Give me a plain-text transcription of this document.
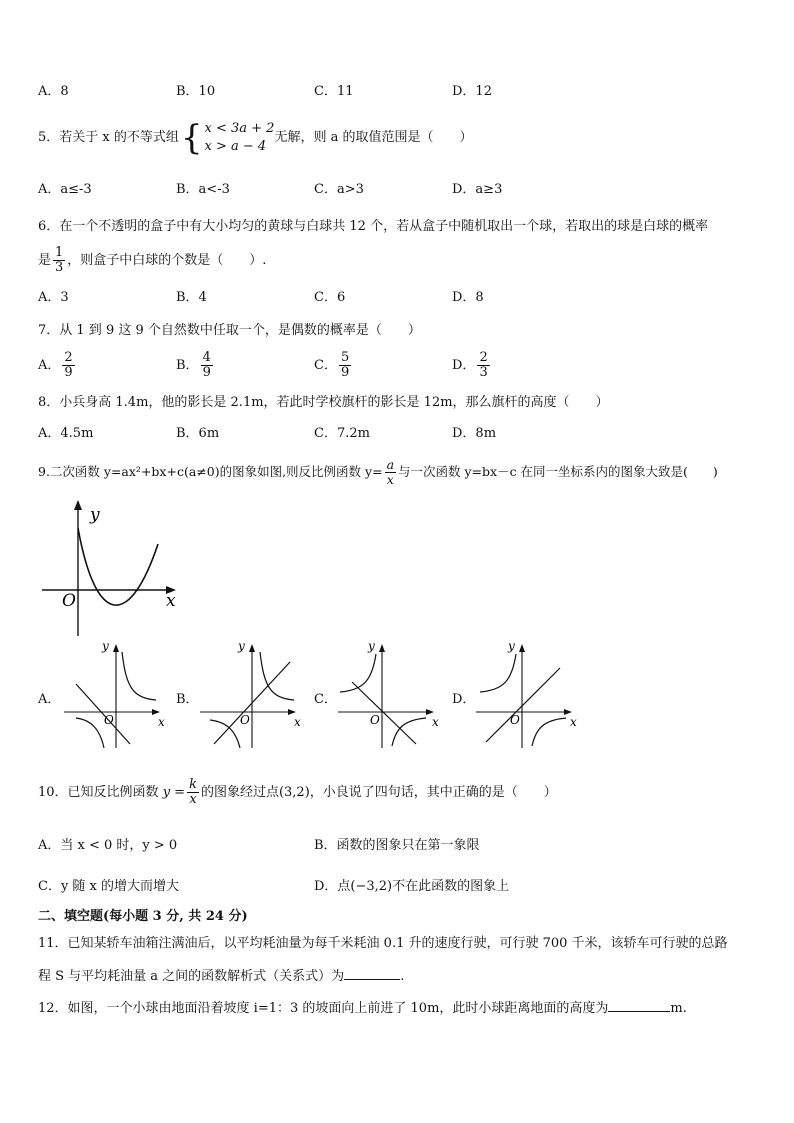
A．8	B．10	C．11	D．12
5．若关于 x 的不等式组{ x < 3a + 2
x > a − 4
无解，则 a 的取值范围是（　　）
A．a≤-3	B．a<-3	C．a>3	D．a≥3
6．在一个不透明的盒子中有大小均匀的黄球与白球共 12 个，若从盒子中随机取出一个球，若取出的球是白球的概率
是 $\frac{1}{3}$ ，则盒子中白球的个数是（　　）.
A．3	B．4	C．6	D．8
7．从 1 到 9 这 9 个自然数中任取一个，是偶数的概率是（　　）
A． $\frac{2}{9}$	B． $\frac{4}{9}$	C． $\frac{5}{9}$	D． $\frac{2}{3}$
8．小兵身高 1.4m，他的影长是 2.1m，若此时学校旗杆的影长是 12m，那么旗杆的高度（　　）
A．4.5m	B．6m	C．7.2m	D．8m
9.二次函数 y=ax²+bx+c(a≠0)的图象如图,则反比例函数 $y= \frac{a}{x}$ 与一次函数 y=bx－c 在同一坐标系内的图象大致是(　　)
y
x
O
A．
y
x
O
B．
y
x
O
C．
y
x
O
D．
y
x
O
10．已知反比例函数 $y = \frac{k}{x}$ 的图象经过点(3,2)，小良说了四句话，其中正确的是（　　）
A．当 x < 0 时，y > 0	B．函数的图象只在第一象限
C．y 随 x 的增大而增大	D．点(−3,2)不在此函数的图象上
二、填空题(每小题 3 分, 共 24 分)
11．已知某轿车油箱注满油后，以平均耗油量为每千米耗油 0.1 升的速度行驶，可行驶 700 千米，该轿车可行驶的总路
程 S 与平均耗油量 a 之间的函数解析式（关系式）为	.
12．如图，一个小球由地面沿着坡度 i=1：3 的坡面向上前进了 10m，此时小球距离地面的高度为	m.
